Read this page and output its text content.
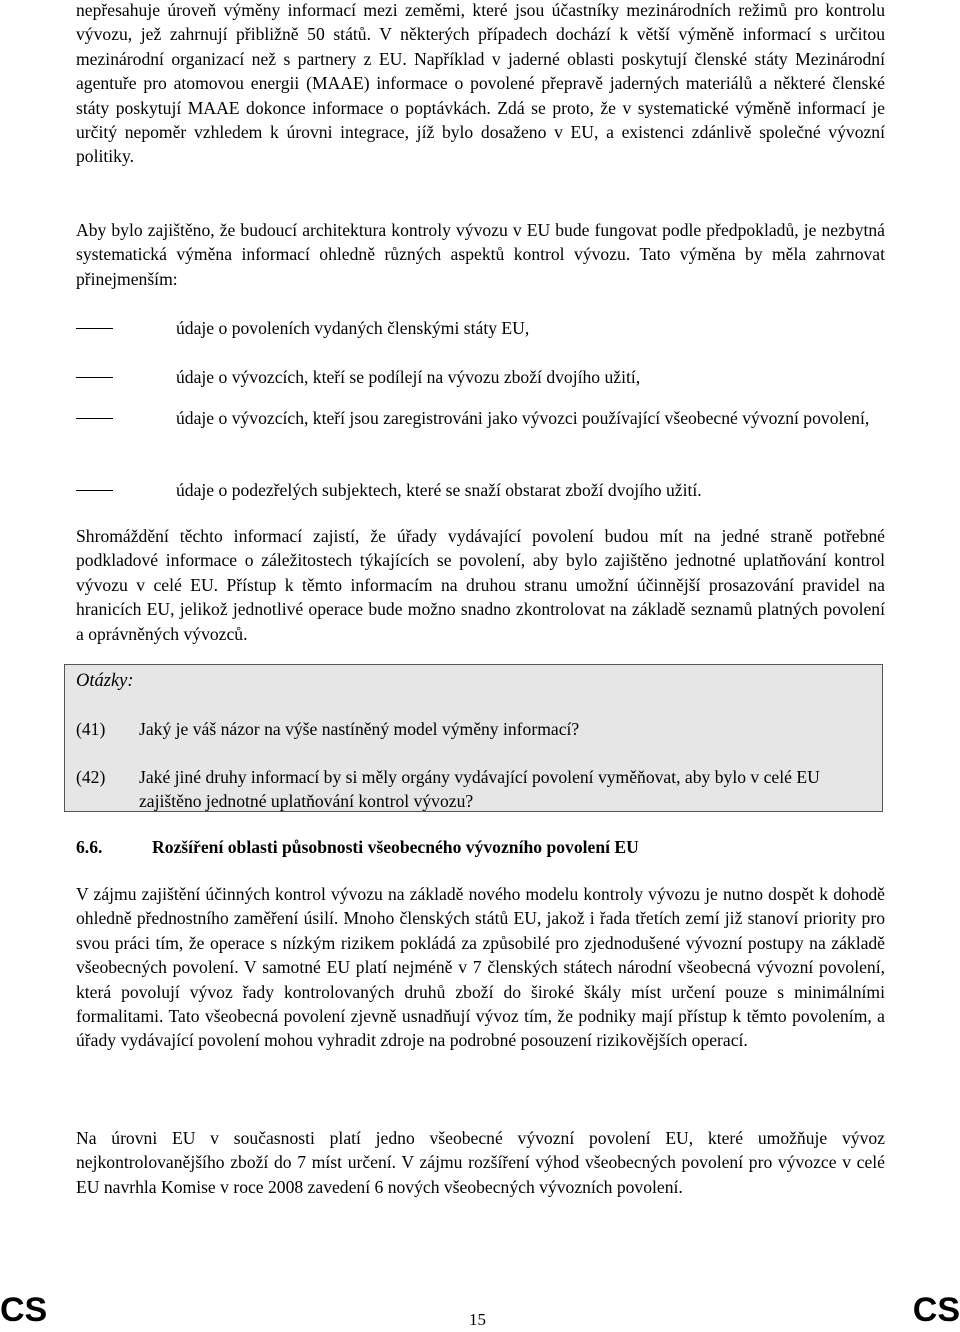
nepřesahuje úroveň výměny informací mezi zeměmi, které jsou účastníky mezinárodních režimů pro kontrolu vývozu, jež zahrnují přibližně 50 států. V některých případech dochází k větší výměně informací s určitou mezinárodní organizací než s partnery z EU. Například v jaderné oblasti poskytují členské státy Mezinárodní agentuře pro atomovou energii (MAAE) informace o povolené přepravě jaderných materiálů a některé členské státy poskytují MAAE dokonce informace o poptávkách. Zdá se proto, že v systematické výměně informací je určitý nepoměr vzhledem k úrovni integrace, jíž bylo dosaženo v EU, a existenci zdánlivě společné vývozní politiky.

Aby bylo zajištěno, že budoucí architektura kontroly vývozu v EU bude fungovat podle předpokladů, je nezbytná systematická výměna informací ohledně různých aspektů kontrol vývozu. Tato výměna by měla zahrnovat přinejmenším:

údaje o povoleních vydaných členskými státy EU,
údaje o vývozcích, kteří se podílejí na vývozu zboží dvojího užití,
údaje o vývozcích, kteří jsou zaregistrováni jako vývozci používající všeobecné vývozní povolení,
údaje o podezřelých subjektech, které se snaží obstarat zboží dvojího užití.

Shromáždění těchto informací zajistí, že úřady vydávající povolení budou mít na jedné straně potřebné podkladové informace o záležitostech týkajících se povolení, aby bylo zajištěno jednotné uplatňování kontrol vývozu v celé EU. Přístup k těmto informacím na druhou stranu umožní účinnější prosazování pravidel na hranicích EU, jelikož jednotlivé operace bude možno snadno zkontrolovat na základě seznamů platných povolení a oprávněných vývozců.

Otázky:
(41) Jaký je váš názor na výše nastíněný model výměny informací?
(42) Jaké jiné druhy informací by si měly orgány vydávající povolení vyměňovat, aby bylo v celé EU zajištěno jednotné uplatňování kontrol vývozu?
6.6.	Rozšíření oblasti působnosti všeobecného vývozního povolení EU

V zájmu zajištění účinných kontrol vývozu na základě nového modelu kontroly vývozu je nutno dospět k dohodě ohledně přednostního zaměření úsilí. Mnoho členských států EU, jakož i řada třetích zemí již stanoví priority pro svou práci tím, že operace s nízkým rizikem pokládá za způsobilé pro zjednodušené vývozní postupy na základě všeobecných povolení. V samotné EU platí nejméně v 7 členských státech národní všeobecná vývozní povolení, která povolují vývoz řady kontrolovaných druhů zboží do široké škály míst určení pouze s minimálními formalitami. Tato všeobecná povolení zjevně usnadňují vývoz tím, že podniky mají přístup k těmto povolením, a úřady vydávající povolení mohou vyhradit zdroje na podrobné posouzení rizikovějších operací.

Na úrovni EU v současnosti platí jedno všeobecné vývozní povolení EU, které umožňuje vývoz nejkontrolovanějšího zboží do 7 míst určení. V zájmu rozšíření výhod všeobecných povolení pro vývozce v celé EU navrhla Komise v roce 2008 zavedení 6 nových všeobecných vývozních povolení.

CS	15	CS
